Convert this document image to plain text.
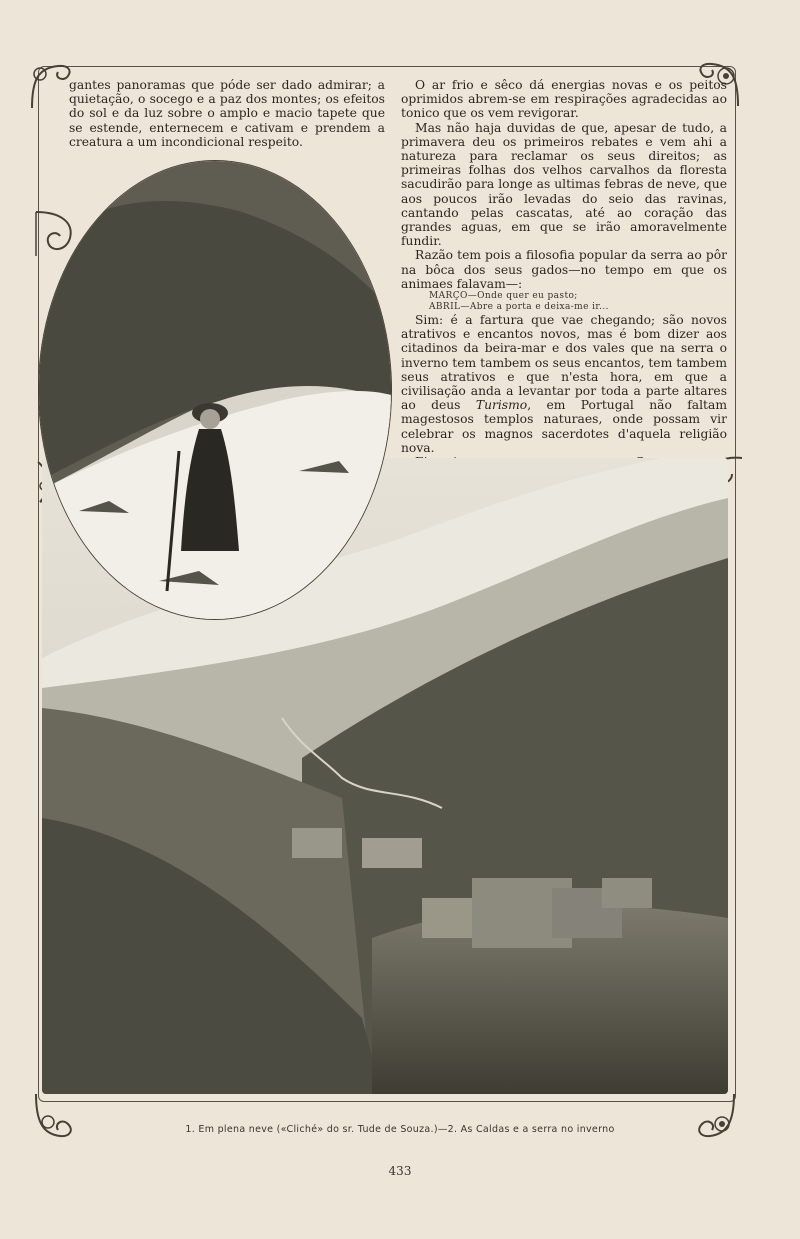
gantes panoramas que póde ser dado admirar; a quietação, o socego e a paz dos montes; os efeitos do sol e da luz sobre o amplo e macio tapete que se estende, enternecem e cativam e prendem a creatura a um incondicional respeito.

O ar frio e sêco dá energias novas e os peitos oprimidos abrem-se em respirações agradecidas ao tonico que os vem revigorar.

Mas não haja duvidas de que, apesar de tudo, a primavera deu os primeiros rebates e vem ahi a natureza para reclamar os seus direitos; as primeiras folhas dos velhos carvalhos da floresta sacudirão para longe as ultimas febras de neve, que aos poucos irão levadas do seio das ravinas, cantando pelas cascatas, até ao coração das grandes aguas, em que se irão amoravelmente fundir.

Razão tem pois a filosofia popular da serra ao pôr na bôca dos seus gados—no tempo em que os animaes falavam—:

MARÇO—Onde quer eu pasto;
ABRIL—Abre a porta e deixa-me ir...

Sim: é a fartura que vae chegando; são novos atrativos e encantos novos, mas é bom dizer aos citadinos da beira-mar e dos vales que na serra o inverno tem tambem os seus encantos, tem tambem seus atrativos e que n'esta hora, em que a civilisação anda a levantar por toda a parte altares ao deus Turismo, em Portugal não faltam magestosos templos naturaes, onde possam vir celebrar os magnos sacerdotes d'aquela religião nova.

1. Em plena neve («Cliché» do sr. Tude de Souza.)—2. As Caldas e a serra no inverno
433
